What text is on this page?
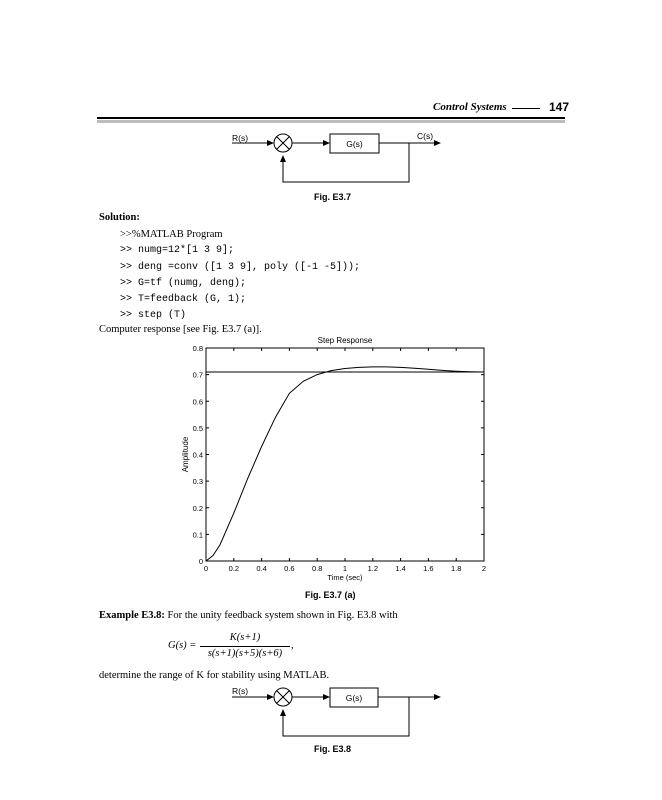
Control Systems	147
R(s)
G(s)
C(s)
Fig. E3.7
Solution:
>>%MATLAB Program
>> numg=12*[1 3 9];
>> deng =conv ([1 3 9], poly ([-1 -5]));
>> G=tf (numg, deng);
>> T=feedback (G, 1);
>> step (T)
Computer response [see Fig. E3.7 (a)].
0	0.2 0.4 0.6 0.8	1	1.2 1.4 1.6 1.8	2
0
0.1
0.2
0.3
0.4
0.5
0.6
0.7
0.8
Step Response
Time (sec)
Amplitude
Fig. E3.7 (a)
Example E3.8: For the unity feedback system shown in Fig. E3.8 with
G(s) =
K(s+1)
s(s+1)(s+5)(s+6)
,
determine the range of K for stability using MATLAB.
R(s)
G(s)
Fig. E3.8
